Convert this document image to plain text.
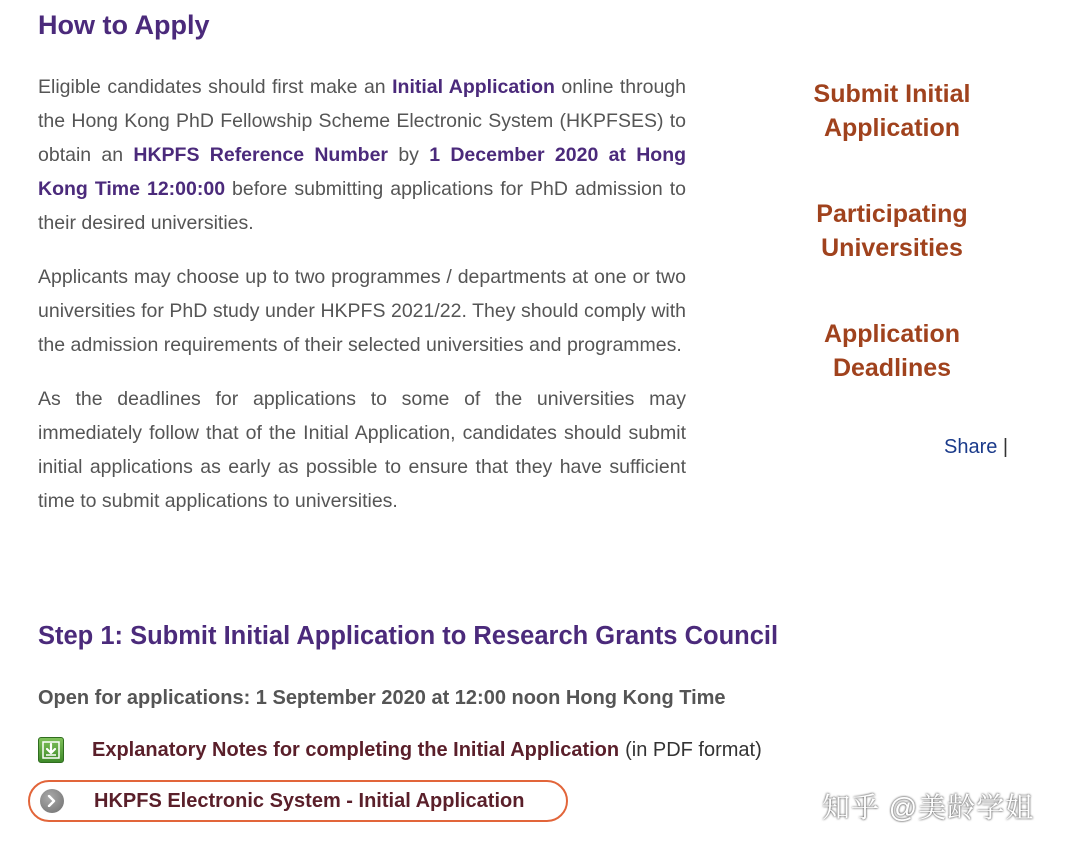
How to Apply

Eligible candidates should first make an Initial Application online through the Hong Kong PhD Fellowship Scheme Electronic System (HKPFSES) to obtain an HKPFS Reference Number by 1 December 2020 at Hong Kong Time 12:00:00 before submitting applications for PhD admission to their desired universities.

Applicants may choose up to two programmes / departments at one or two universities for PhD study under HKPFS 2021/22. They should comply with the admission requirements of their selected universities and programmes.

As the deadlines for applications to some of the universities may immediately follow that of the Initial Application, candidates should submit initial applications as early as possible to ensure that they have sufficient time to submit applications to universities.

Submit Initial
Application
Participating
Universities
Application
Deadlines
Share |
Step 1: Submit Initial Application to Research Grants Council
Open for applications: 1 September 2020 at 12:00 noon Hong Kong Time
Explanatory Notes for completing the Initial Application (in PDF format)
HKPFS Electronic System - Initial Application	知乎 @美龄学姐
